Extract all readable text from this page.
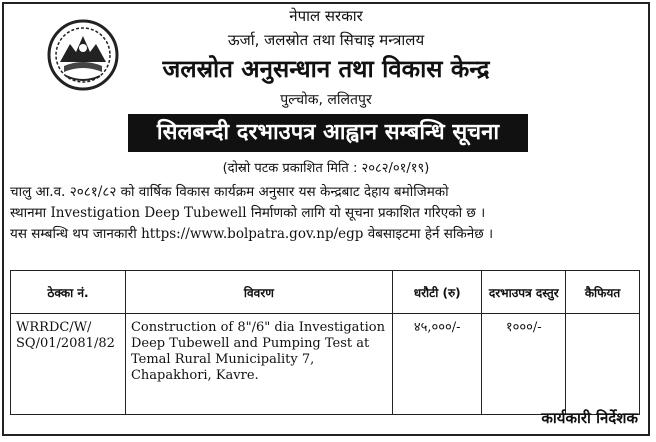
नेपाल सरकार
ऊर्जा, जलस्रोत तथा सिचाइ मन्त्रालय
जलस्रोत अनुसन्धान तथा विकास केन्द्र
पुल्चोक, ललितपुर
सिलबन्दी दरभाउपत्र आह्वान सम्बन्धि सूचना
(दोस्रो पटक प्रकाशित मिति : २०८२/०१/१९)
चालु आ.व. २०८१/८२ को वार्षिक विकास कार्यक्रम अनुसार यस केन्द्रबाट देहाय बमोजिमको
स्थानमा Investigation Deep Tubewell निर्माणको लागि यो सूचना प्रकाशित गरिएको छ ।
यस सम्बन्धि थप जानकारी https://www.bolpatra.gov.np/egp वेबसाइटमा हेर्न सकिनेछ ।
ठेक्का नं.	विवरण	धरौटी (रु)	दरभाउपत्र दस्तुर	कैफियत
WRRDC/W/ SQ/01/2081/82	Construction of 8"/6" dia Investigation Deep Tubewell and Pumping Test at Temal Rural Municipality 7, Chapakhori, Kavre.	४५,०००/-	१०००/-	
कार्यकारी निर्देशक
